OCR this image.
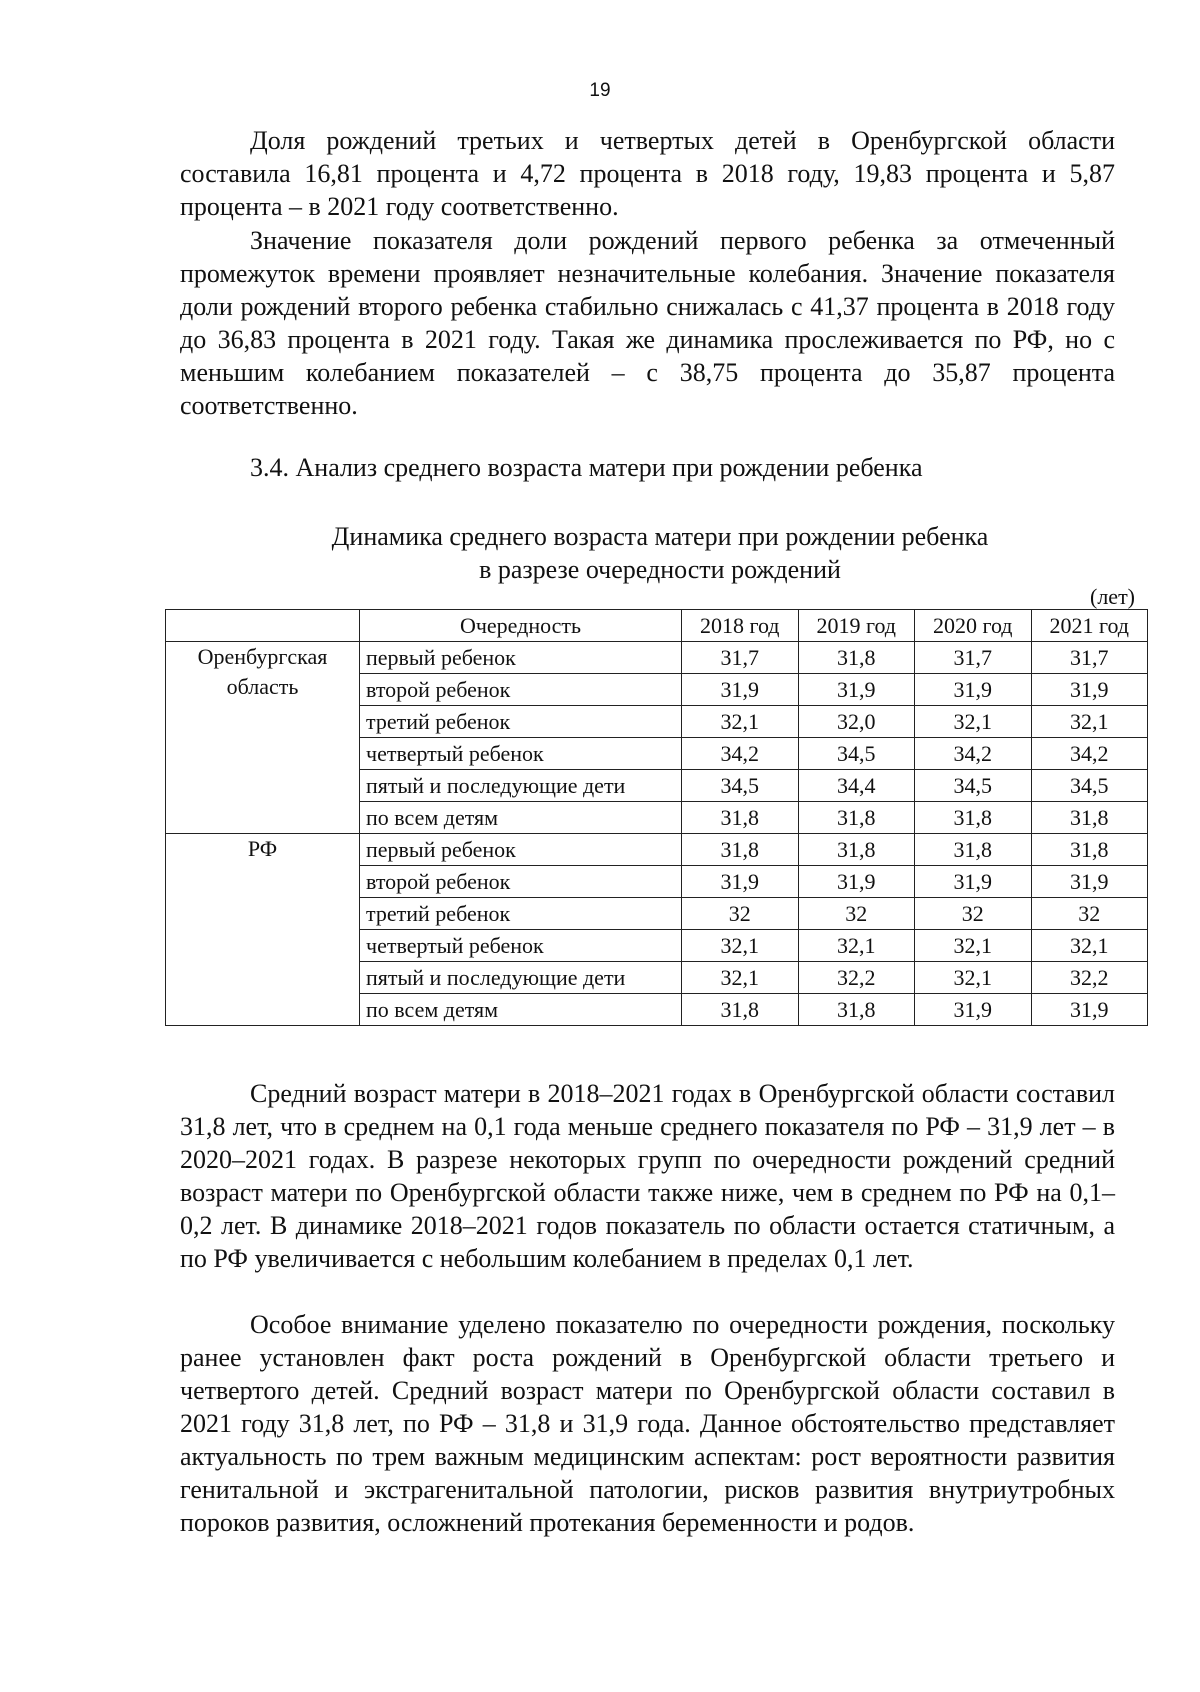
19

Доля рождений третьих и четвертых детей в Оренбургской области составила 16,81 процента и 4,72 процента в 2018 году, 19,83 процента и 5,87 процента – в 2021 году соответственно.

Значение показателя доли рождений первого ребенка за отмеченный промежуток времени проявляет незначительные колебания. Значение показателя доли рождений второго ребенка стабильно снижалась с 41,37 процента в 2018 году до 36,83 процента в 2021 году. Такая же динамика прослеживается по РФ, но с меньшим колебанием показателей – с 38,75 процента до 35,87 процента соответственно.

3.4. Анализ среднего возраста матери при рождении ребенка
Динамика среднего возраста матери при рождении ребенка
в разрезе очередности рождений
(лет)
	Очередность	2018 год	2019 год	2020 год	2021 год
Оренбургская область	первый ребенок	31,7	31,8	31,7	31,7
	второй ребенок	31,9	31,9	31,9	31,9
	третий ребенок	32,1	32,0	32,1	32,1
	четвертый ребенок	34,2	34,5	34,2	34,2
	пятый и последующие дети	34,5	34,4	34,5	34,5
	по всем детям	31,8	31,8	31,8	31,8
РФ	первый ребенок	31,8	31,8	31,8	31,8
	второй ребенок	31,9	31,9	31,9	31,9
	третий ребенок	32	32	32	32
	четвертый ребенок	32,1	32,1	32,1	32,1
	пятый и последующие дети	32,1	32,2	32,1	32,2
	по всем детям	31,8	31,8	31,9	31,9

Средний возраст матери в 2018–2021 годах в Оренбургской области составил 31,8 лет, что в среднем на 0,1 года меньше среднего показателя по РФ – 31,9 лет – в 2020–2021 годах. В разрезе некоторых групп по очередности рождений средний возраст матери по Оренбургской области также ниже, чем в среднем по РФ на 0,1–0,2 лет. В динамике 2018–2021 годов показатель по области остается статичным, а по РФ увеличивается с небольшим колебанием в пределах 0,1 лет.

Особое внимание уделено показателю по очередности рождения, поскольку ранее установлен факт роста рождений в Оренбургской области третьего и четвертого детей. Средний возраст матери по Оренбургской области составил в 2021 году 31,8 лет, по РФ – 31,8 и 31,9 года. Данное обстоятельство представляет актуальность по трем важным медицинским аспектам: рост вероятности развития генитальной и экстрагенитальной патологии, рисков развития внутриутробных пороков развития, осложнений протекания беременности и родов.
